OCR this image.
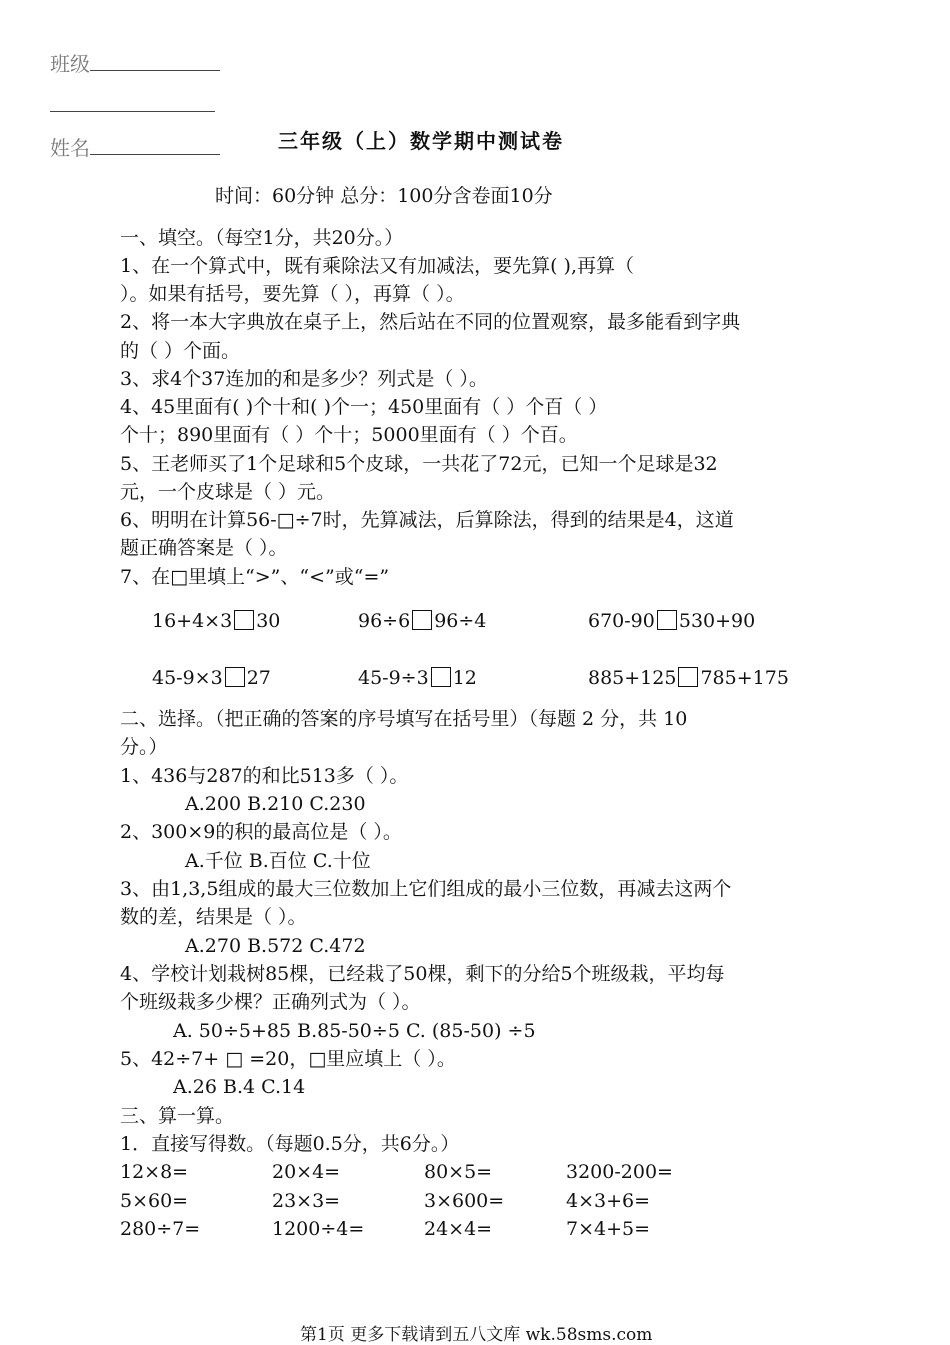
班级
姓名	三年级（上）数学期中测试卷
时间：60分钟 总分：100分含卷面10分
一、填空。（每空1分，共20分。）
1、在一个算式中，既有乘除法又有加减法，要先算( ),再算（
）。如果有括号，要先算（ ），再算（ ）。
2、将一本大字典放在桌子上，然后站在不同的位置观察，最多能看到字典
的（ ）个面。
3、求4个37连加的和是多少？列式是（ ）。
4、45里面有( )个十和( )个一；450里面有（ ）个百（ ）
个十；890里面有（ ）个十；5000里面有（ ）个百。
5、王老师买了1个足球和5个皮球，一共花了72元，已知一个足球是32
元，一个皮球是（ ）元。
6、明明在计算56-□÷7时，先算减法，后算除法，得到的结果是4，这道
题正确答案是（ ）。
7、在□里填上“>”、“<”或“=”
16+4×3 30	96÷6 96÷4	670-90 530+90
45-9×3 27	45-9÷3 12	885+125 785+175
二、选择。（把正确的答案的序号填写在括号里）（每题 2 分，共 10
分。）
1、436与287的和比513多（ ）。
A.200 B.210 C.230
2、300×9的积的最高位是（ ）。
A.千位 B.百位 C.十位
3、由1,3,5组成的最大三位数加上它们组成的最小三位数，再减去这两个
数的差，结果是（ ）。
A.270 B.572 C.472
4、学校计划栽树85棵，已经栽了50棵，剩下的分给5个班级栽，平均每
个班级栽多少棵？正确列式为（ ）。
A. 50÷5+85 B.85-50÷5 C. (85-50) ÷5
5、42÷7+ □ =20，□里应填上（ ）。
A.26 B.4 C.14
三、算一算。
1．直接写得数。（每题0.5分，共6分。）
12×8=	20×4=	80×5=	3200-200=
5×60=	23×3=	3×600=	4×3+6=
280÷7=	1200÷4=	24×4=	7×4+5=
第1页 更多下载请到五八文库 wk.58sms.com
